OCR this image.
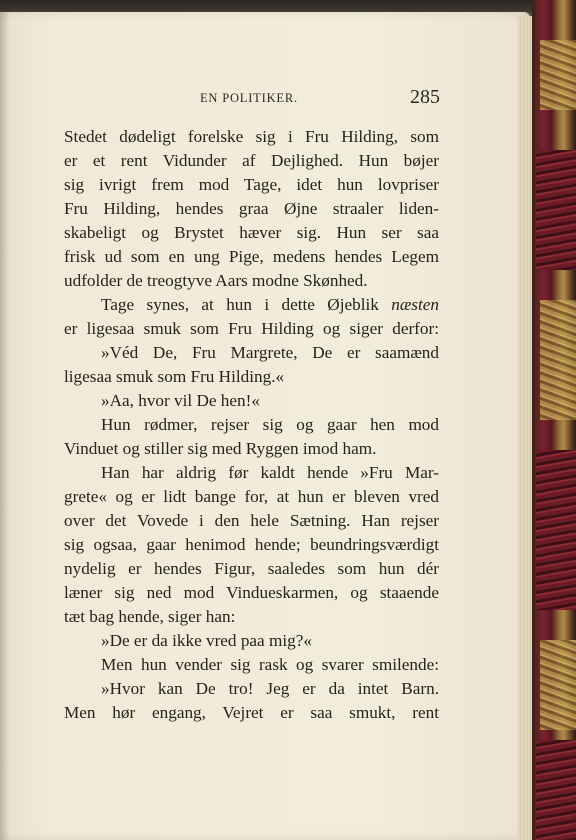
EN POLITIKER.	285
Stedet dødeligt forelske sig i Fru Hilding, som
er et rent Vidunder af Dejlighed. Hun bøjer
sig ivrigt frem mod Tage, idet hun lovpriser
Fru Hilding, hendes graa Øjne straaler liden-
skabeligt og Brystet hæver sig. Hun ser saa
frisk ud som en ung Pige, medens hendes Legem
udfolder de treogtyve Aars modne Skønhed.
Tage synes, at hun i dette Øjeblik næsten
er ligesaa smuk som Fru Hilding og siger derfor:
»Véd De, Fru Margrete, De er saamænd
ligesaa smuk som Fru Hilding.«
»Aa, hvor vil De hen!«
Hun rødmer, rejser sig og gaar hen mod
Vinduet og stiller sig med Ryggen imod ham.
Han har aldrig før kaldt hende »Fru Mar-
grete« og er lidt bange for, at hun er bleven vred
over det Vovede i den hele Sætning. Han rejser
sig ogsaa, gaar henimod hende; beundringsværdigt
nydelig er hendes Figur, saaledes som hun dér
læner sig ned mod Vindueskarmen, og staaende
tæt bag hende, siger han:
»De er da ikke vred paa mig?«
Men hun vender sig rask og svarer smilende:
»Hvor kan De tro! Jeg er da intet Barn.
Men hør engang, Vejret er saa smukt, rent
